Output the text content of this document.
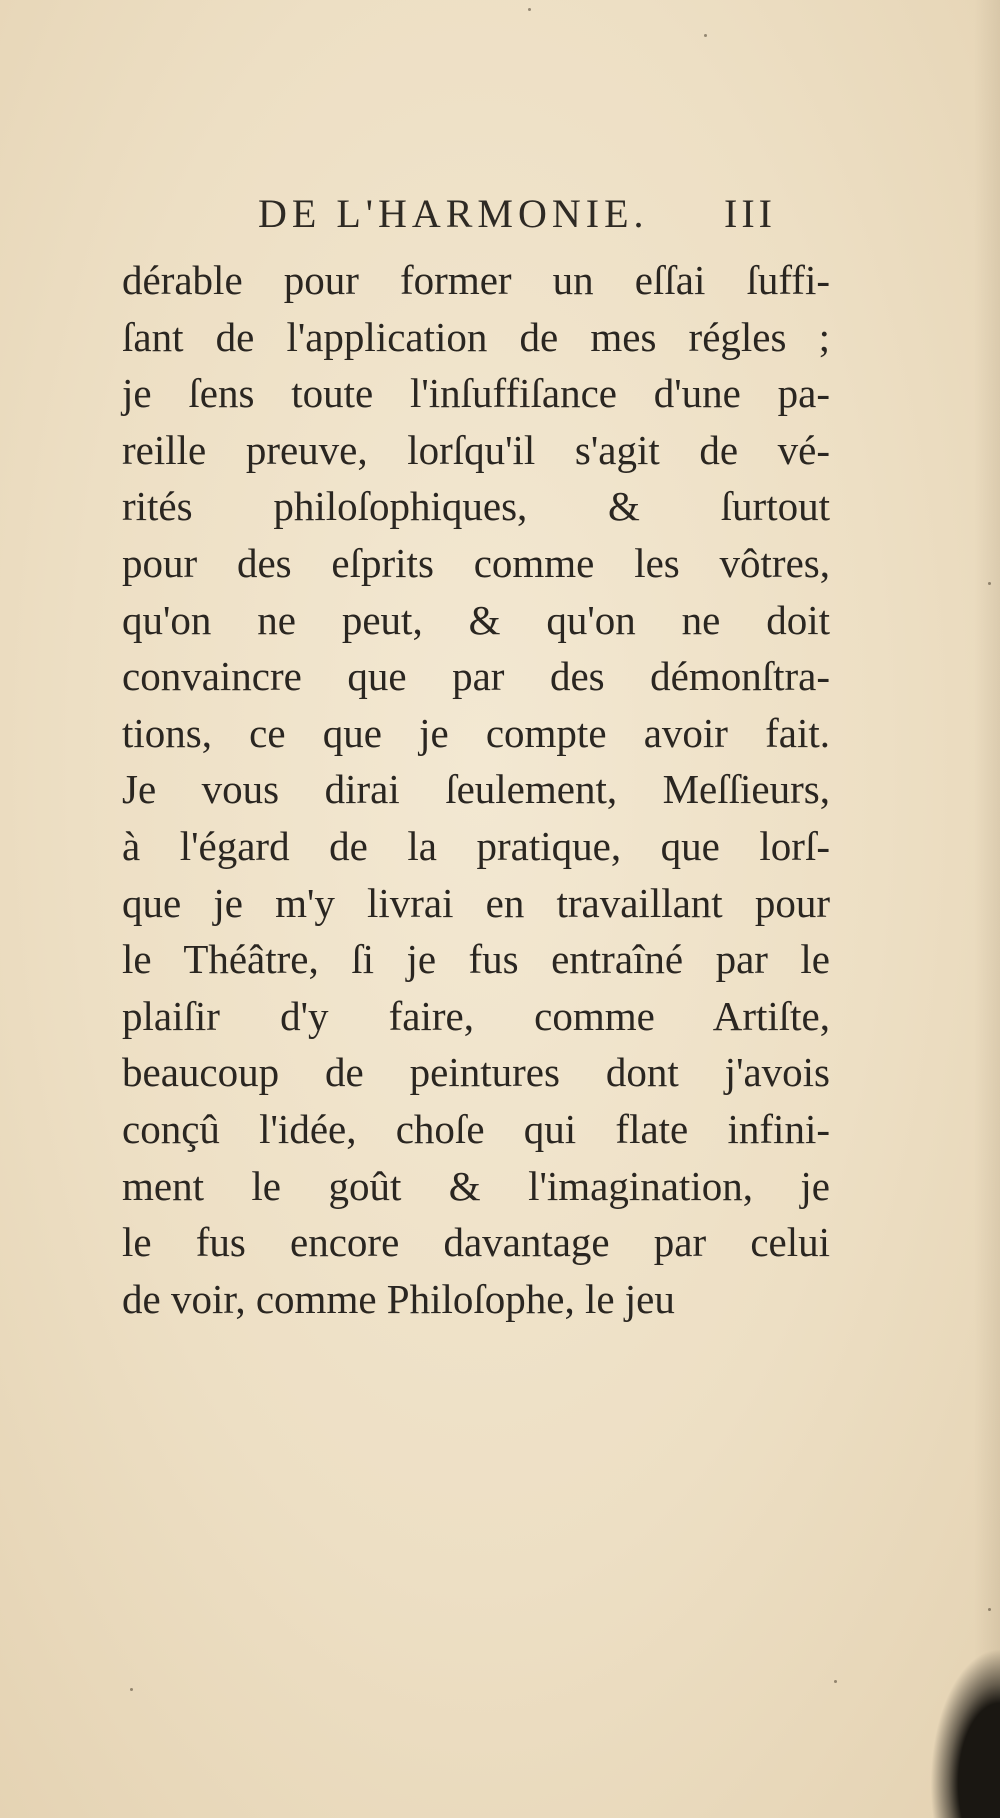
DE L'HARMONIE. III
dérable pour former un eſſai ſuffi-
ſant de l'application de mes régles ;
je ſens toute l'inſuffiſance d'une pa-
reille preuve, lorſqu'il s'agit de vé-
rités philoſophiques, & ſurtout
pour des eſprits comme les vôtres,
qu'on ne peut, & qu'on ne doit
convaincre que par des démonſtra-
tions, ce que je compte avoir fait.
Je vous dirai ſeulement, Meſſieurs,
à l'égard de la pratique, que lorſ-
que je m'y livrai en travaillant pour
le Théâtre, ſi je fus entraîné par le
plaiſir d'y faire, comme Artiſte,
beaucoup de peintures dont j'avois
conçû l'idée, choſe qui flate infini-
ment le goût & l'imagination, je
le fus encore davantage par celui
de voir, comme Philoſophe, le jeu
